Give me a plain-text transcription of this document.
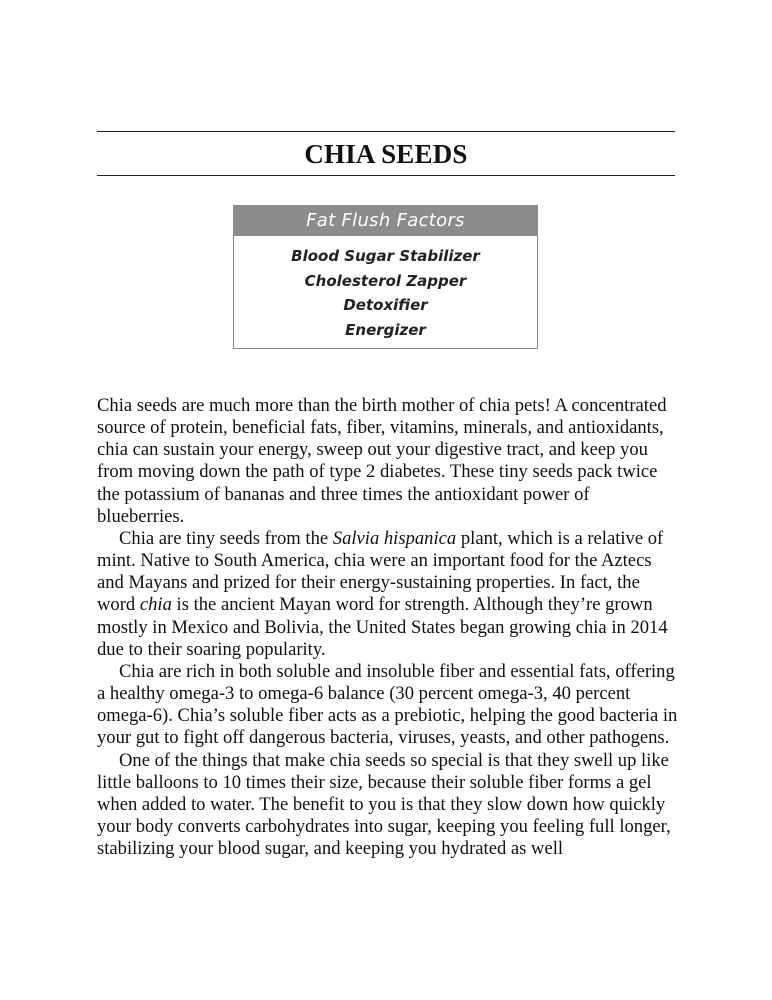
CHIA SEEDS
Fat Flush Factors
Blood Sugar Stabilizer
Cholesterol Zapper
Detoxifier
Energizer

Chia seeds are much more than the birth mother of chia pets! A concentrated source of protein, beneficial fats, fiber, vitamins, minerals, and antioxidants, chia can sustain your energy, sweep out your digestive tract, and keep you from moving down the path of type 2 diabetes. These tiny seeds pack twice the potassium of bananas and three times the antioxidant power of blueberries.

Chia are tiny seeds from the Salvia hispanica plant, which is a relative of mint. Native to South America, chia were an important food for the Aztecs and Mayans and prized for their energy-sustaining properties. In fact, the word chia is the ancient Mayan word for strength. Although they’re grown mostly in Mexico and Bolivia, the United States began growing chia in 2014 due to their soaring popularity.

Chia are rich in both soluble and insoluble fiber and essential fats, offering a healthy omega-3 to omega-6 balance (30 percent omega-3, 40 percent omega-6). Chia’s soluble fiber acts as a prebiotic, helping the good bacteria in your gut to fight off dangerous bacteria, viruses, yeasts, and other pathogens.

One of the things that make chia seeds so special is that they swell up like little balloons to 10 times their size, because their soluble fiber forms a gel when added to water. The benefit to you is that they slow down how quickly your body converts carbohydrates into sugar, keeping you feeling full longer, stabilizing your blood sugar, and keeping you hydrated as well
